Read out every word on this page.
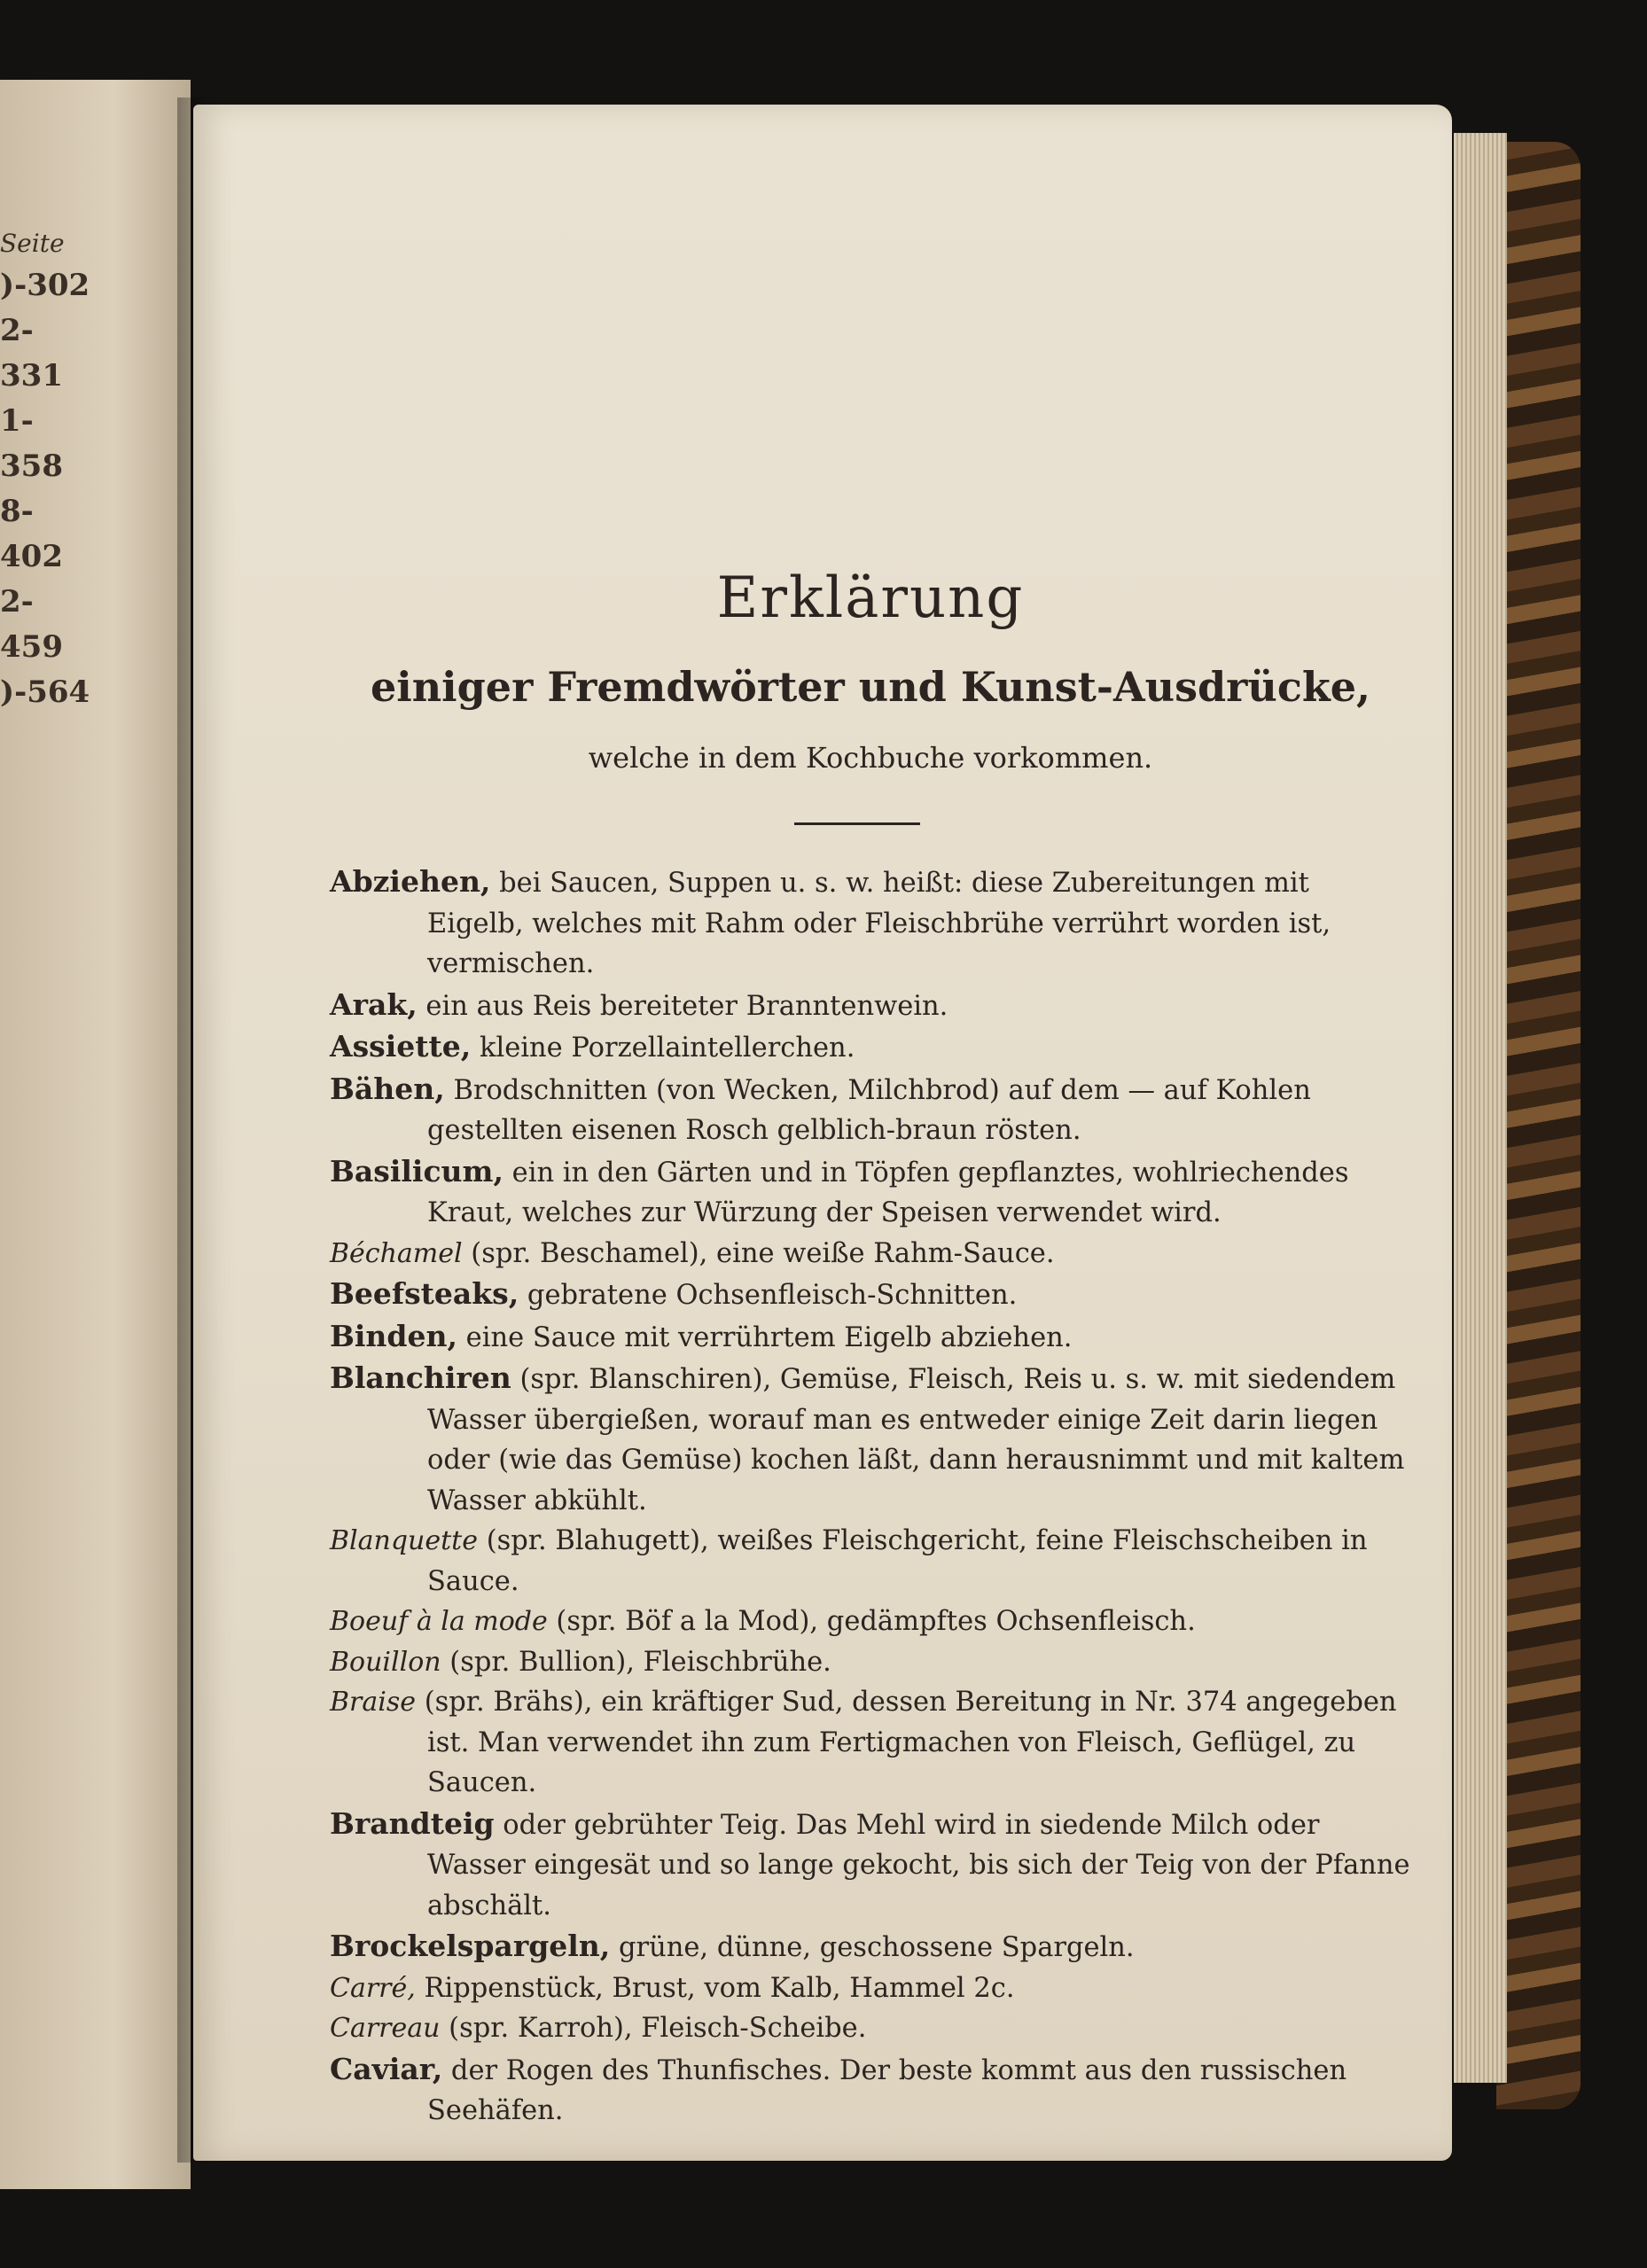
Seite
)-302
2-331
1-358
8-402
2-459
)-564
Erklärung
einiger Fremdwörter und Kunst-Ausdrücke,
welche in dem Kochbuche vorkommen.
Abziehen, bei Saucen, Suppen u. s. w. heißt: diese Zubereitungen mit Eigelb, welches mit Rahm oder Fleischbrühe verrührt worden ist, vermischen.
Arak, ein aus Reis bereiteter Branntenwein.
Assiette, kleine Porzellaintellerchen.
Bähen, Brodschnitten (von Wecken, Milchbrod) auf dem — auf Kohlen gestellten eisenen Rosch gelblich-braun rösten.
Basilicum, ein in den Gärten und in Töpfen gepflanztes, wohlriechendes Kraut, welches zur Würzung der Speisen verwendet wird.
Béchamel (spr. Beschamel), eine weiße Rahm-Sauce.
Beefsteaks, gebratene Ochsenfleisch-Schnitten.
Binden, eine Sauce mit verrührtem Eigelb abziehen.
Blanchiren (spr. Blanschiren), Gemüse, Fleisch, Reis u. s. w. mit siedendem Wasser übergießen, worauf man es entweder einige Zeit darin liegen oder (wie das Gemüse) kochen läßt, dann herausnimmt und mit kaltem Wasser abkühlt.
Blanquette (spr. Blahugett), weißes Fleischgericht, feine Fleischscheiben in Sauce.
Boeuf à la mode (spr. Böf a la Mod), gedämpftes Ochsenfleisch.
Bouillon (spr. Bullion), Fleischbrühe.
Braise (spr. Brähs), ein kräftiger Sud, dessen Bereitung in Nr. 374 angegeben ist. Man verwendet ihn zum Fertigmachen von Fleisch, Geflügel, zu Saucen.
Brandteig oder gebrühter Teig. Das Mehl wird in siedende Milch oder Wasser eingesät und so lange gekocht, bis sich der Teig von der Pfanne abschält.
Brockelspargeln, grüne, dünne, geschossene Spargeln.
Carré, Rippenstück, Brust, vom Kalb, Hammel 2c.
Carreau (spr. Karroh), Fleisch-Scheibe.
Caviar, der Rogen des Thunfisches. Der beste kommt aus den russischen Seehäfen.
